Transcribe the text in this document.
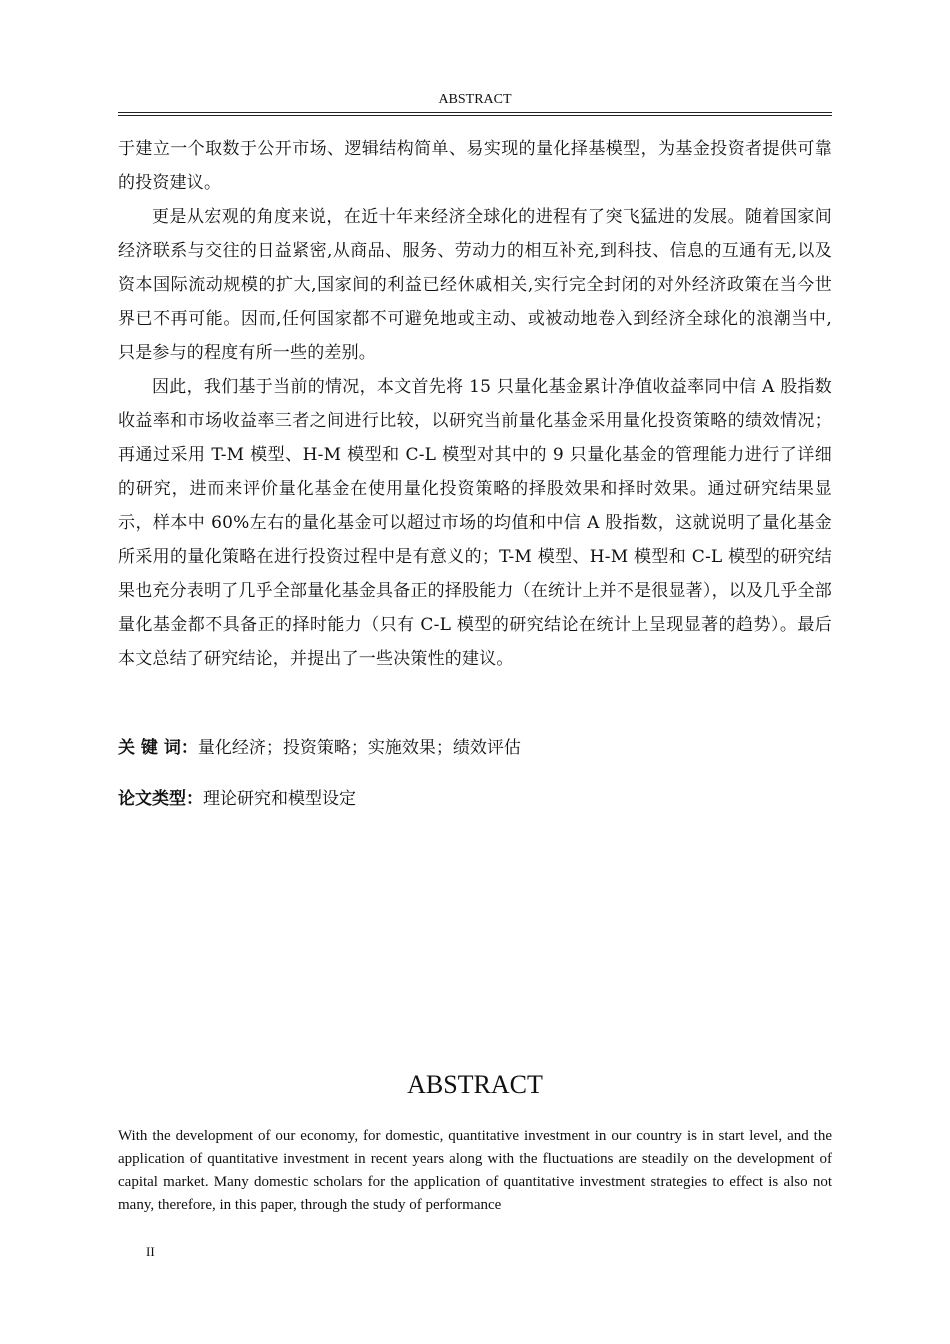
ABSTRACT

于建立一个取数于公开市场、逻辑结构简单、易实现的量化择基模型，为基金投资者提供可靠的投资建议。

更是从宏观的角度来说，在近十年来经济全球化的进程有了突飞猛进的发展。随着国家间经济联系与交往的日益紧密,从商品、服务、劳动力的相互补充,到科技、信息的互通有无,以及资本国际流动规模的扩大,国家间的利益已经休戚相关,实行完全封闭的对外经济政策在当今世界已不再可能。因而,任何国家都不可避免地或主动、或被动地卷入到经济全球化的浪潮当中,只是参与的程度有所一些的差别。

因此，我们基于当前的情况，本文首先将 15 只量化基金累计净值收益率同中信 A 股指数收益率和市场收益率三者之间进行比较，以研究当前量化基金采用量化投资策略的绩效情况；再通过采用 T-M 模型、H-M 模型和 C-L 模型对其中的 9 只量化基金的管理能力进行了详细的研究，进而来评价量化基金在使用量化投资策略的择股效果和择时效果。通过研究结果显示，样本中 60%左右的量化基金可以超过市场的均值和中信 A 股指数，这就说明了量化基金所采用的量化策略在进行投资过程中是有意义的；T-M 模型、H-M 模型和 C-L 模型的研究结果也充分表明了几乎全部量化基金具备正的择股能力（在统计上并不是很显著），以及几乎全部量化基金都不具备正的择时能力（只有 C-L 模型的研究结论在统计上呈现显著的趋势）。最后本文总结了研究结论，并提出了一些决策性的建议。

关 键 词：量化经济；投资策略；实施效果；绩效评估
论文类型：理论研究和模型设定
ABSTRACT

With the development of our economy, for domestic, quantitative investment in our country is in start level, and the application of quantitative investment in recent years along with the fluctuations are steadily on the development of capital market. Many domestic scholars for the application of quantitative investment strategies to effect is also not many, therefore, in this paper, through the study of performance

II
